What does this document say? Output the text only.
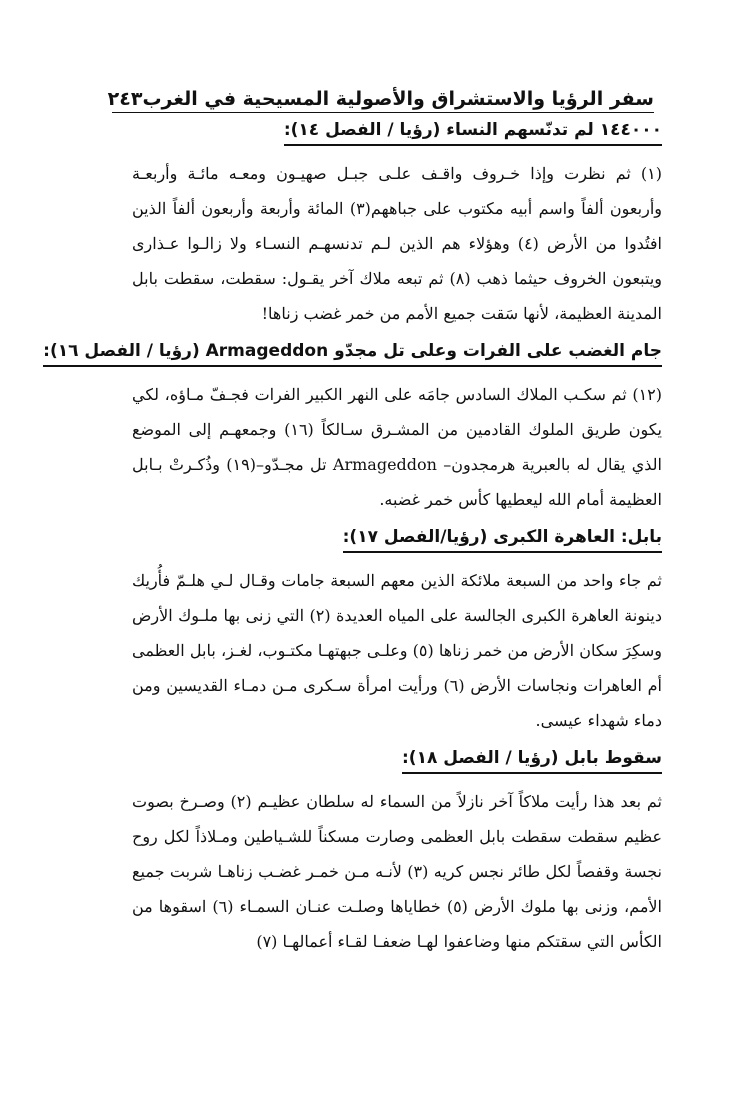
سفر الرؤيا والاستشراق والأصولية المسيحية في الغرب
٢٤٣
١٤٤٠٠٠ لم تدنّسهم النساء (رؤيا / الفصل ١٤):

(١) ثم نظرت وإذا خـروف واقـف علـى جبـل صهيـون ومعـه مائـة وأربعـة وأربعون ألفاً واسم أبيه مكتوب على جباههم(٣) المائة وأربعة وأربعون ألفاً الذين افتُدوا من الأرض (٤) وهؤلاء هم الذين لـم تدنسهـم النسـاء ولا زالـوا عـذارى ويتبعون الخروف حيثما ذهب (٨) ثم تبعه ملاك آخر يقـول: سقطت، سقطت بابل المدينة العظيمة، لأنها سَقت جميع الأمم من خمر غضب زناها!

جام الغضب على الفرات وعلى تل مجدّو Armageddon (رؤيا / الفصل ١٦):

(١٢) ثم سكـب الملاك السادس جامَه على النهر الكبير الفرات فجـفّ مـاؤه، لكي يكون طريق الملوك القادمين من المشـرق سـالكاً (١٦) وجمعهـم إلى الموضع الذي يقال له بالعبرية هرمجدون– Armageddon تل مجـدّو–(١٩) وذُكـرتْ بـابل العظيمة أمام الله ليعطيها كأس خمر غضبه.

بابل: العاهرة الكبرى (رؤيا/الفصل ١٧):

ثم جاء واحد من السبعة ملائكة الذين معهم السبعة جامات وقـال لـي هلـمّ فأُريك دينونة العاهرة الكبرى الجالسة على المياه العديدة (٢) التي زنى بها ملـوك الأرض وسكِرَ سكان الأرض من خمر زناها (٥) وعلـى جبهتهـا مكتـوب، لغـز، بابل العظمى أم العاهرات ونجاسات الأرض (٦) ورأيت امرأة سـكرى مـن دمـاء القديسين ومن دماء شهداء عيسى.

سقوط بابل (رؤيا / الفصل ١٨):

ثم بعد هذا رأيت ملاكاً آخر نازلاً من السماء له سلطان عظيـم (٢) وصـرخ بصوت عظيم سقطت سقطت بابل العظمى وصارت مسكناً للشـياطين ومـلاذاً لكل روح نجسة وقفصاً لكل طائر نجس كريه (٣) لأنـه مـن خمـر غضـب زناهـا شربت جميع الأمم، وزنى بها ملوك الأرض (٥) خطاياها وصلـت عنـان السمـاء (٦) اسقوها من الكأس التي سقتكم منها وضاعفوا لهـا ضعفـا لقـاء أعمالهـا (٧)
